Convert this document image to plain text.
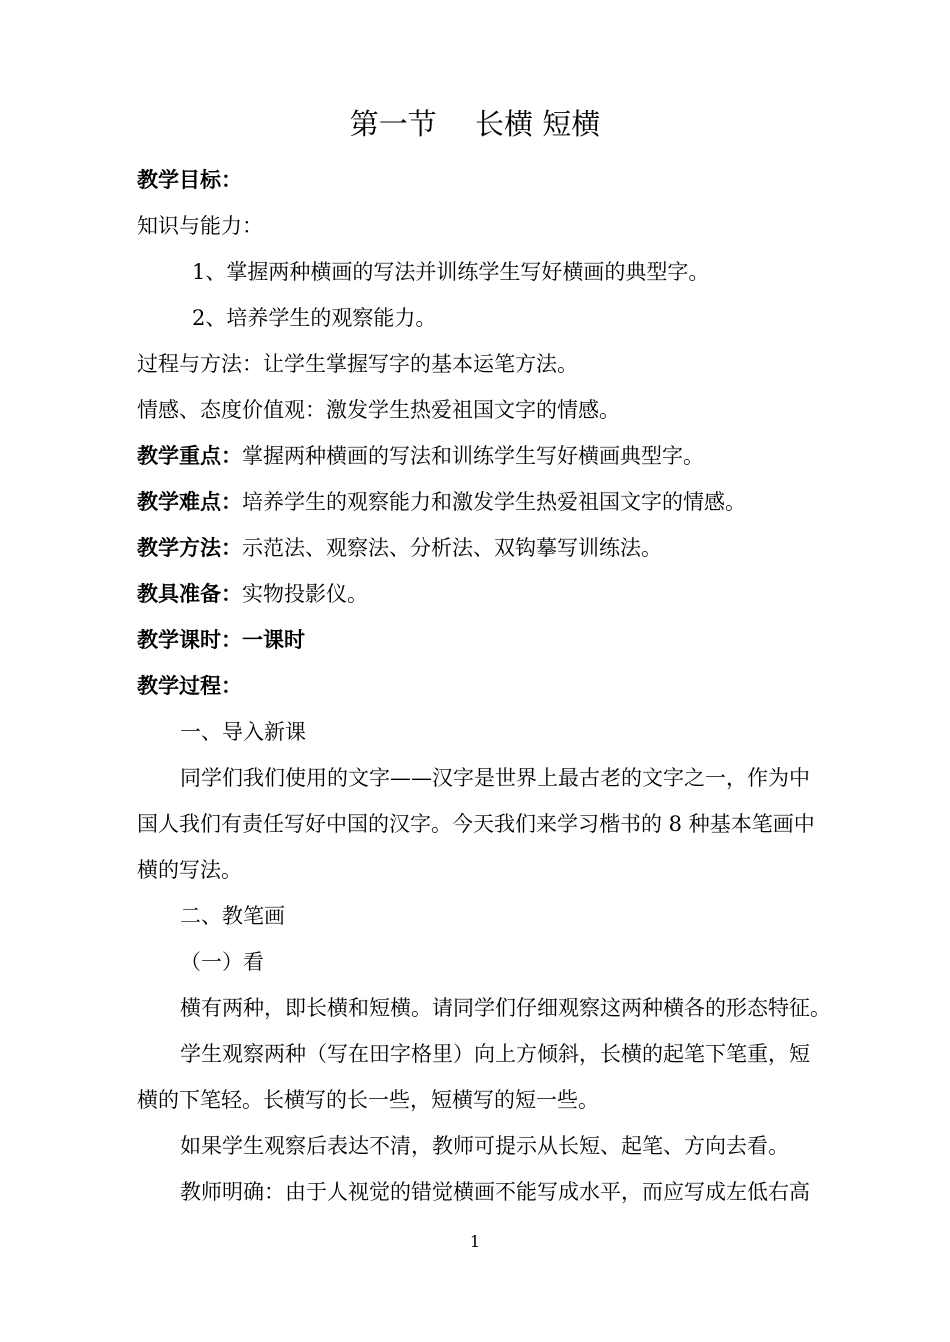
第一节　 长横 短横
教学目标：
知识与能力：
1、掌握两种横画的写法并训练学生写好横画的典型字。
2、培养学生的观察能力。
过程与方法：让学生掌握写字的基本运笔方法。
情感、态度价值观：激发学生热爱祖国文字的情感。
教学重点：掌握两种横画的写法和训练学生写好横画典型字。
教学难点：培养学生的观察能力和激发学生热爱祖国文字的情感。
教学方法：示范法、观察法、分析法、双钩摹写训练法。
教具准备：实物投影仪。
教学课时：一课时
教学过程：
一、导入新课
同学们我们使用的文字——汉字是世界上最古老的文字之一，作为中
国人我们有责任写好中国的汉字。今天我们来学习楷书的 8 种基本笔画中
横的写法。
二、教笔画
（一）看
横有两种，即长横和短横。请同学们仔细观察这两种横各的形态特征。
学生观察两种（写在田字格里）向上方倾斜，长横的起笔下笔重，短
横的下笔轻。长横写的长一些，短横写的短一些。
如果学生观察后表达不清，教师可提示从长短、起笔、方向去看。
教师明确：由于人视觉的错觉横画不能写成水平，而应写成左低右高
1
